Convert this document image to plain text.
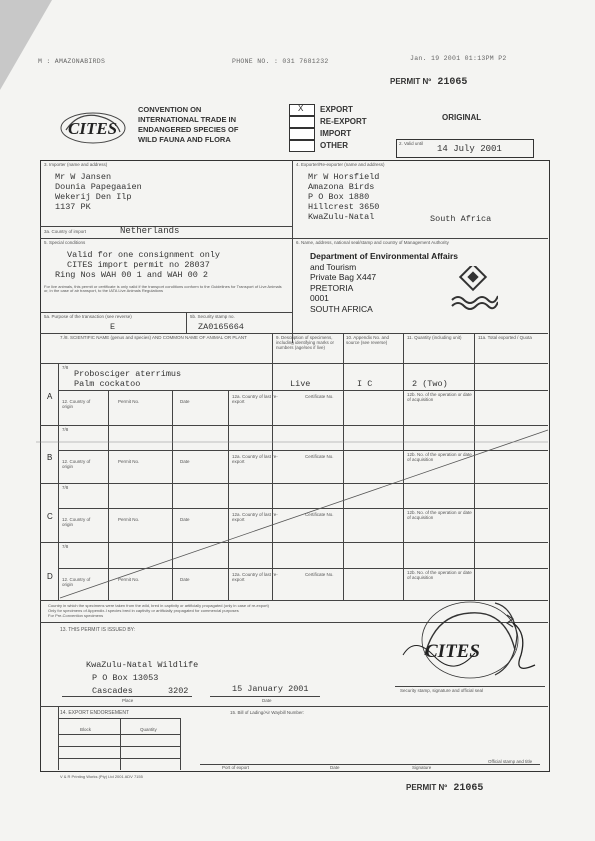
M : AMAZONABIRDS	PHONE NO. : 031 7681232	Jan. 19 2001 01:13PM P2
PERMIT Nº 21065
CITES
CONVENTION ON
INTERNATIONAL TRADE IN
ENDANGERED SPECIES OF
WILD FAUNA AND FLORA
X EXPORT
RE-EXPORT
IMPORT
OTHER
ORIGINAL
2. Valid until
14 July 2001
3. Importer (name and address)
Mr W Jansen
Dounia Papegaaien
Wekerij Den Ilp
1137 PK
3a. Country of import	Netherlands
4. Exporter/Re-exporter (name and address)
Mr W Horsfield
Amazona Birds
P O Box 1880
Hillcrest 3650
KwaZulu-Natal	South Africa
5. Special conditions
Valid for one consignment only
CITES import permit no 28037
Ring Nos WAH 00 1 and WAH 00 2
For live animals, this permit or certificate is only valid if the transport conditions conform to the Guidelines for Transport of Live Animals or, in the case of air transport, to the IATA Live Animals Regulations
6. Name, address, national seal/stamp and country of Management Authority
Department of Environmental Affairs
and Tourism
Private Bag X447
PRETORIA
0001
SOUTH AFRICA
5a. Purpose of the transaction (see reverse)
E
5b. Security stamp no.
ZA0165664
7./8. SCIENTIFIC NAME (genus and species) AND COMMON NAME OF ANIMAL OR PLANT	9. Description of specimens, including identifying marks or numbers (age/sex if live)
10. Appendix No. and source (see reverse)
11. Quantity (including unit)	11a. Total exported / Quota
A
7/8
Probosciger aterrimus
Palm cockatoo	Live	I C	2 (Two)
12. Country of origin
Permit No.	Date
12a. Country of last re-export
Certificate No.	12b. No. of the operation or date of acquisition
B
7/8
12. Country of origin
Permit No.	Date
12a. Country of last re-export
Certificate No.	12b. No. of the operation or date of acquisition
C
7/8
12. Country of origin
Permit No.	Date
12a. Country of last re-export
Certificate No.	12b. No. of the operation or date of acquisition
D
7/8
12. Country of origin
Permit No.	Date
12a. Country of last re-export
Certificate No.	12b. No. of the operation or date of acquisition
Country in which the specimens were taken from the wild, bred in captivity or artificially propagated (only in case of re-export)
Only for specimens of Appendix-I species bred in captivity or artificially propagated for commercial purposes
For Pre-Convention specimens
13. THIS PERMIT IS ISSUED BY:
KwaZulu-Natal Wildlife
P O Box 13053
Cascades	3202	15 January 2001
Place	Date
Security stamp, signature and official seal
CITES
14. EXPORT ENDORSEMENT	15. Bill of Lading/Air Waybill Number:
Block	Quantity
Port of export	Date	Signature
Official stamp and title
V & R Printing Works (Pty) Ltd 2001 ADV 7155
PERMIT Nº 21065
